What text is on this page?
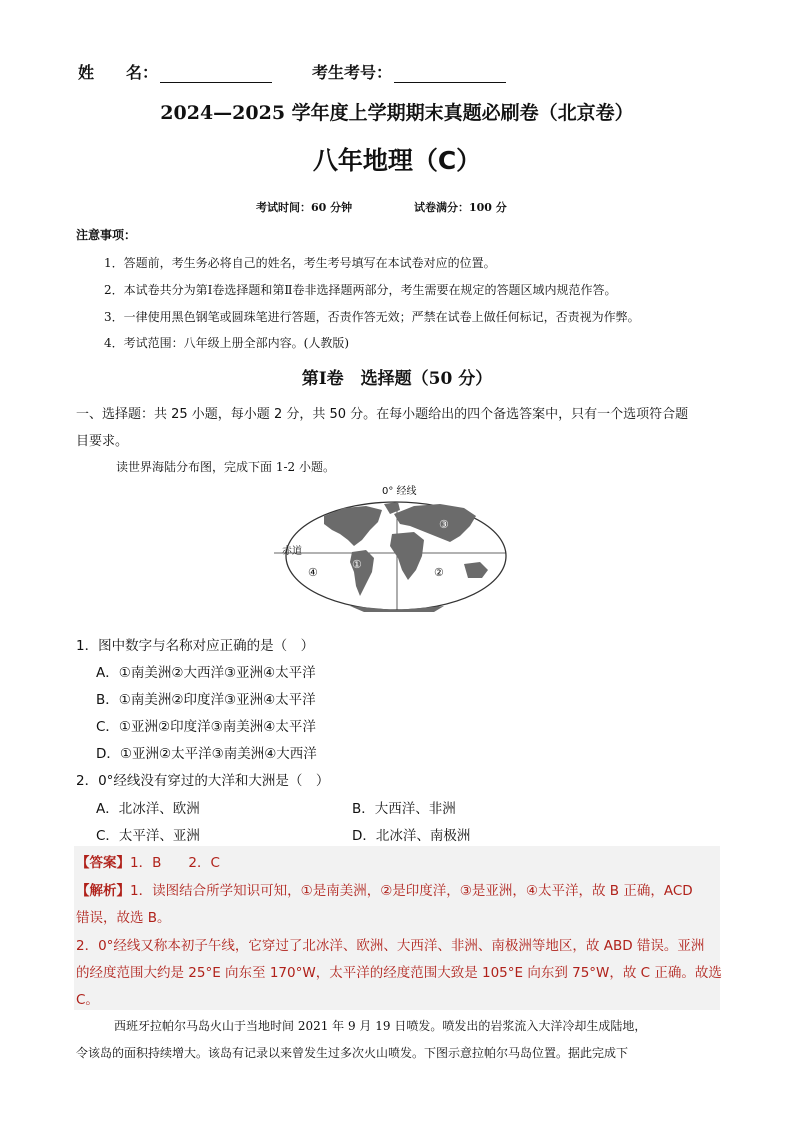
姓　　名：	考生考号：
2024—2025 学年度上学期期末真题必刷卷（北京卷）
八年地理（C）
考试时间：60 分钟	试卷满分：100 分
注意事项：
1．答题前，考生务必将自己的姓名，考生考号填写在本试卷对应的位置。
2．本试卷共分为第Ⅰ卷选择题和第Ⅱ卷非选择题两部分，考生需要在规定的答题区域内规范作答。
3．一律使用黑色钢笔或圆珠笔进行答题，否责作答无效；严禁在试卷上做任何标记，否责视为作弊。
4．考试范围：八年级上册全部内容。(人教版)
第Ⅰ卷　选择题（50 分）
一、选择题：共 25 小题，每小题 2 分，共 50 分。在每小题给出的四个备选答案中，只有一个选项符合题
目要求。
读世界海陆分布图，完成下面 1-2 小题。
0° 经线
赤道
①
②
③
④
1．图中数字与名称对应正确的是（　）
A．①南美洲②大西洋③亚洲④太平洋
B．①南美洲②印度洋③亚洲④太平洋
C．①亚洲②印度洋③南美洲④太平洋
D．①亚洲②太平洋③南美洲④大西洋
2．0°经线没有穿过的大洋和大洲是（　）
A．北冰洋、欧洲	B．大西洋、非洲
C．太平洋、亚洲	D．北冰洋、南极洲
【答案】1．B　　2．C
【解析】1．读图结合所学知识可知，①是南美洲，②是印度洋，③是亚洲，④太平洋，故 B 正确，ACD
错误，故选 B。
2．0°经线又称本初子午线，它穿过了北冰洋、欧洲、大西洋、非洲、南极洲等地区，故 ABD 错误。亚洲
的经度范围大约是 25°E 向东至 170°W，太平洋的经度范围大致是 105°E 向东到 75°W，故 C 正确。故选
C。
西班牙拉帕尔马岛火山于当地时间 2021 年 9 月 19 日喷发。喷发出的岩浆流入大洋冷却生成陆地，
令该岛的面积持续增大。该岛有记录以来曾发生过多次火山喷发。下图示意拉帕尔马岛位置。据此完成下
